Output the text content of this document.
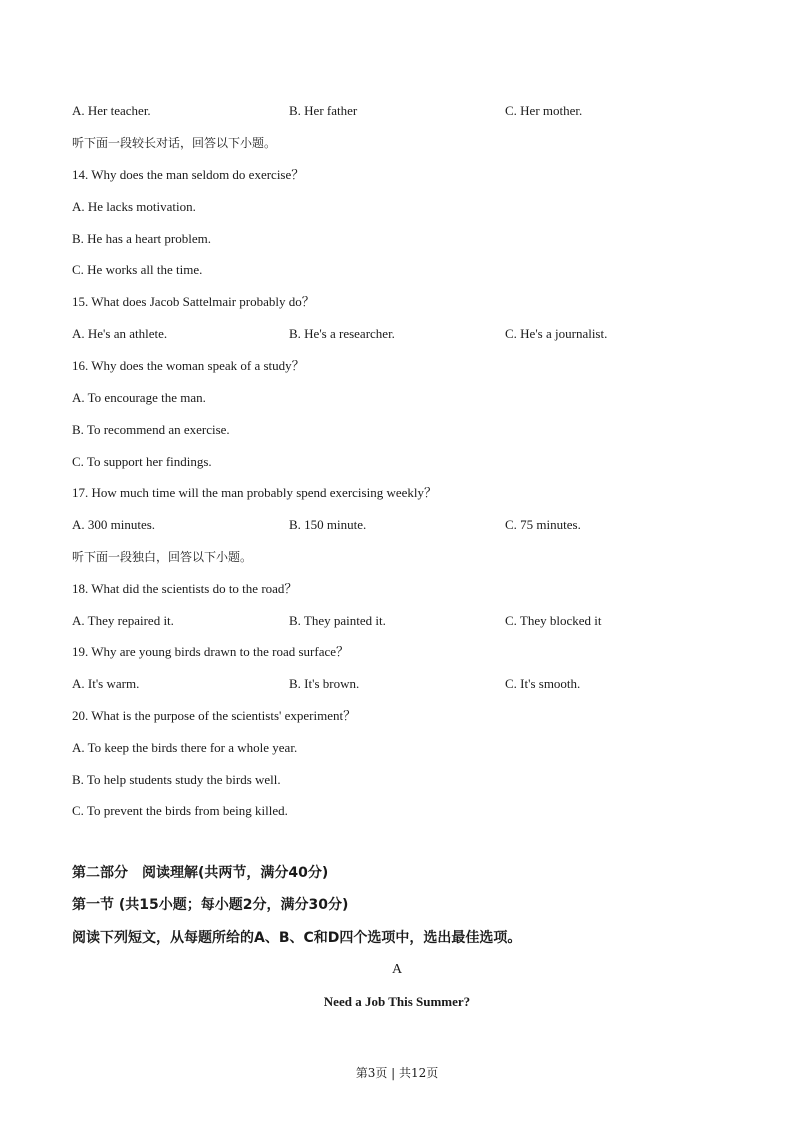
A. Her teacher.	B. Her father	C. Her mother.
听下面一段较长对话，回答以下小题。
14. Why does the man seldom do exercise？
A. He lacks motivation.
B. He has a heart problem.
C. He works all the time.
15. What does Jacob Sattelmair probably do？
A. He's an athlete.	B. He's a researcher.	C. He's a journalist.
16. Why does the woman speak of a study？
A. To encourage the man.
B. To recommend an exercise.
C. To support her findings.
17. How much time will the man probably spend exercising weekly？
A. 300 minutes.	B. 150 minute.	C. 75 minutes.
听下面一段独白，回答以下小题。
18. What did the scientists do to the road？
A. They repaired it.	B. They painted it.	C. They blocked it
19. Why are young birds drawn to the road surface？
A. It's warm.	B. It's brown.	C. It's smooth.
20. What is the purpose of the scientists' experiment？
A. To keep the birds there for a whole year.
B. To help students study the birds well.
C. To prevent the birds from being killed.
第二部分　阅读理解(共两节，满分40分)
第一节 (共15小题；每小题2分，满分30分)
阅读下列短文，从每题所给的A、B、C和D四个选项中，选出最佳选项。
A
Need a Job This Summer?
第3页 | 共12页
